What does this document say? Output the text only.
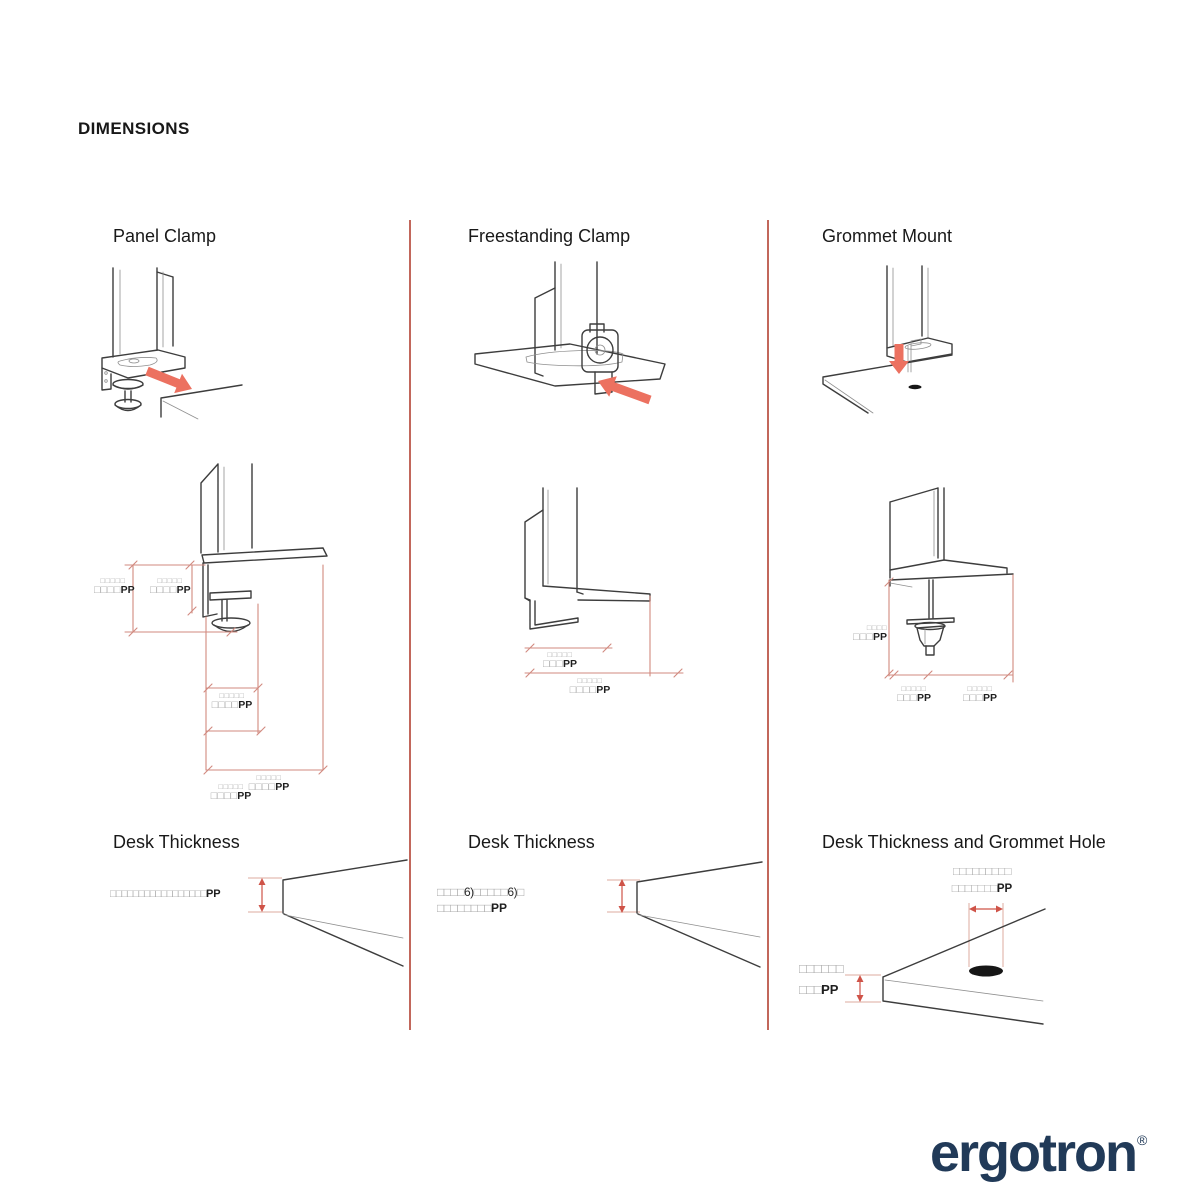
DIMENSIONS
Panel Clamp	Freestanding Clamp	Grommet Mount
□□□□□
□□□□PP
□□□□□
□□□□PP
□□□□□
□□□□PP
□□□□□
□□□□PP
□□□□□
□□□□PP
□□□□□
□□□PP
□□□□□
□□□□PP
□□□□
□□□PP
□□□□□
□□□PP
□□□□□
□□□PP
Desk Thickness	Desk Thickness	Desk Thickness and Grommet Hole
□□□□□□□□□□□□□□□□□PP	□□□□6)□□□□□6)□
□□□□□□□□PP
□□□□□□□□□
□□□□□□□PP
□□□□□□
□□□PP
ergotron®
